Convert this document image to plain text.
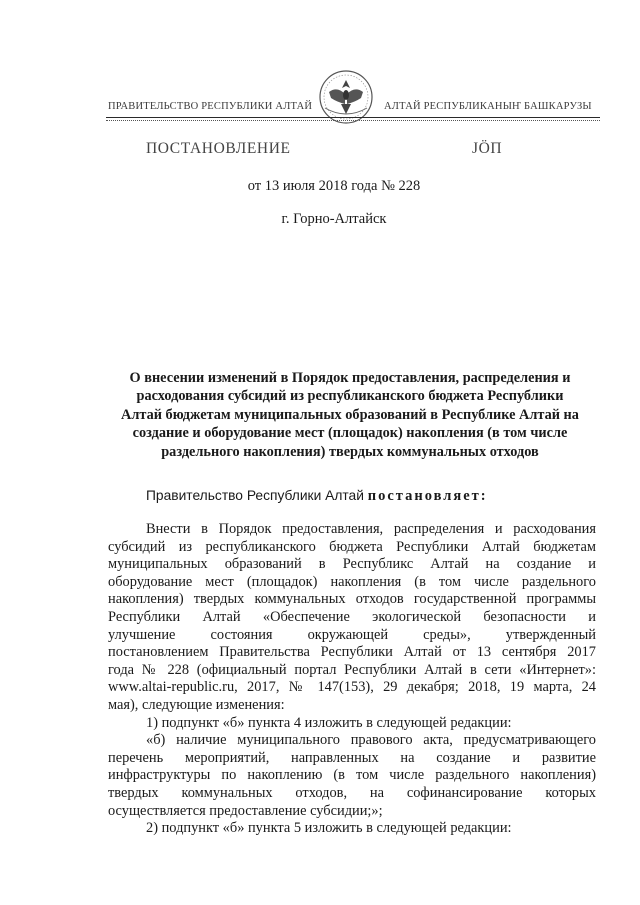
ПРАВИТЕЛЬСТВО РЕСПУБЛИКИ АЛТАЙ	АЛТАЙ РЕСПУБЛИКАНЫҤ БАШКАРУЗЫ
ПОСТАНОВЛЕНИЕ	ЈӦП
от 13 июля 2018 года № 228
г. Горно-Алтайск
О внесении изменений в Порядок предоставления, распределения и
расходования субсидий из республиканского бюджета Республики
Алтай бюджетам муниципальных образований в Республике Алтай на
создание и оборудование мест (площадок) накопления (в том числе
раздельного накопления) твердых коммунальных отходов
Правительство Республики Алтай постановляет:
Внести в Порядок предоставления, распределения и расходования
субсидий из республиканского бюджета Республики Алтай бюджетам
муниципальных образований в Республикс Алтай на создание и
оборудование мест (площадок) накопления (в том числе раздельного
накопления) твердых коммунальных отходов государственной программы
Республики Алтай «Обеспечение экологической безопасности и
улучшение состояния окружающей среды», утвержденный
постановлением Правительства Республики Алтай от 13 сентября 2017
года № 228 (официальный портал Республики Алтай в сети «Интернет»:
www.altai-republic.ru, 2017, № 147(153), 29 декабря; 2018, 19 марта, 24
мая), следующие изменения:
1) подпункт «б» пункта 4 изложить в следующей редакции:
«б) наличие муниципального правового акта, предусматривающего
перечень мероприятий, направленных на создание и развитие
инфраструктуры по накоплению (в том числе раздельного накопления)
твердых коммунальных отходов, на софинансирование которых
осуществляется предоставление субсидии;»;
2) подпункт «б» пункта 5 изложить в следующей редакции:
